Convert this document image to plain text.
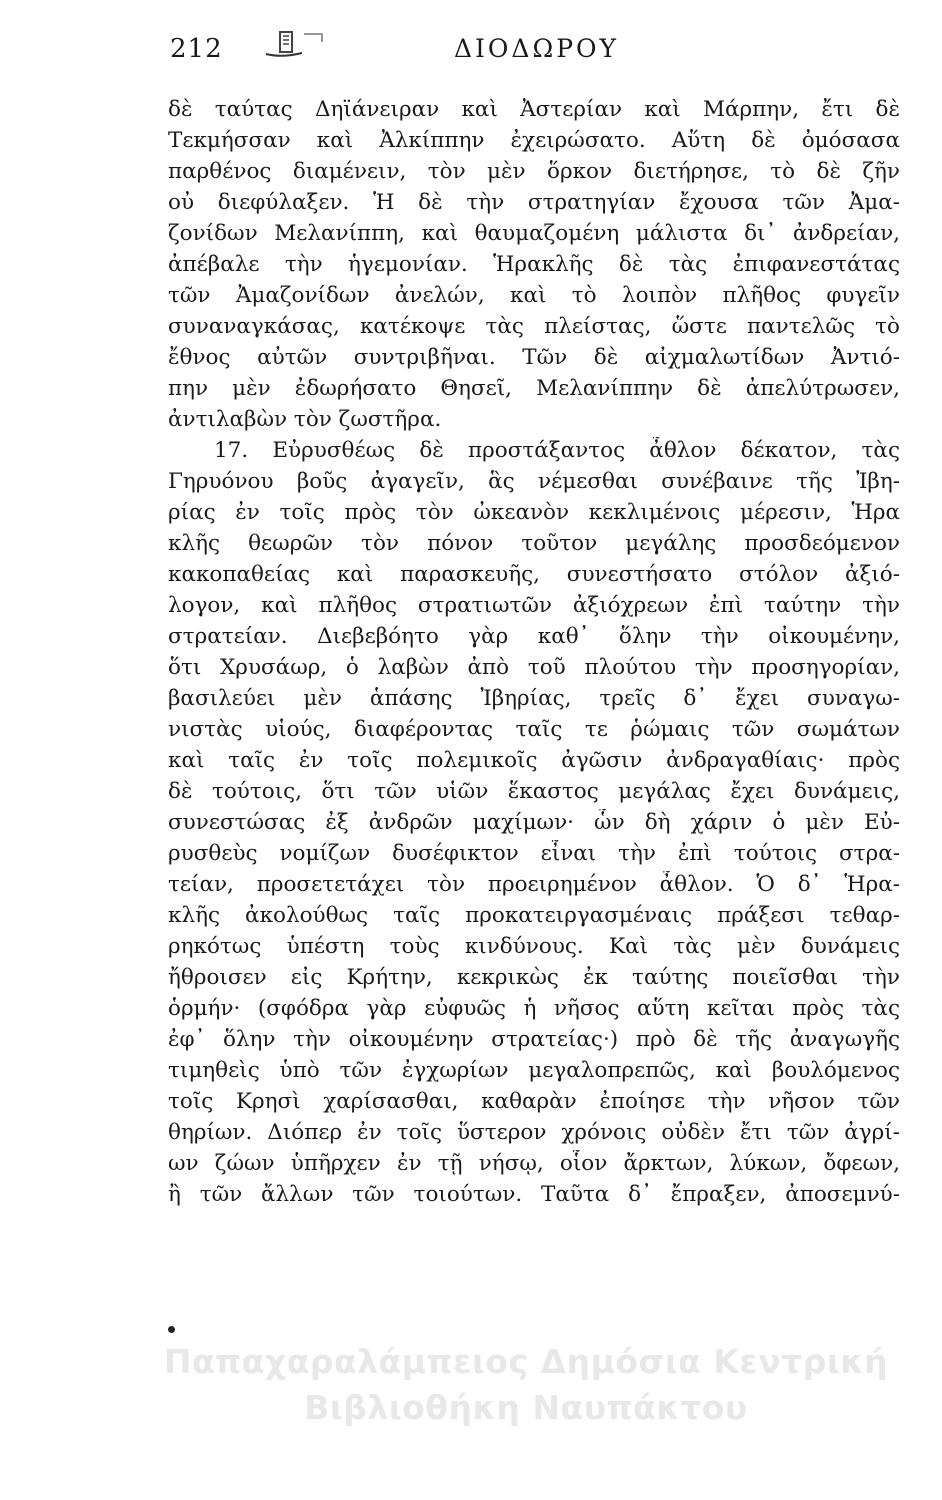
212	ΔΙΟΔΩΡΟΥ
δὲ ταύτας Δηϊάνειραν καὶ Ἀστερίαν καὶ Μάρπην, ἔτι δὲ
Τεκμήσσαν καὶ Ἀλκίππην ἐχειρώσατο. Αὕτη δὲ ὀμόσασα
παρθένος διαμένειν, τὸν μὲν ὅρκον διετήρησε, τὸ δὲ ζῆν
οὐ διεφύλαξεν. Ἡ δὲ τὴν στρατηγίαν ἔχουσα τῶν Ἀμα-
ζονίδων Μελανίππη, καὶ θαυμαζομένη μάλιστα δι᾽ ἀνδρείαν,
ἀπέβαλε τὴν ἡγεμονίαν. Ἡρακλῆς δὲ τὰς ἐπιφανεστάτας
τῶν Ἀμαζονίδων ἀνελών, καὶ τὸ λοιπὸν πλῆθος φυγεῖν
συναναγκάσας, κατέκοψε τὰς πλείστας, ὥστε παντελῶς τὸ
ἔθνος αὐτῶν συντριβῆναι. Τῶν δὲ αἰχμαλωτίδων Ἀντιό-
πην μὲν ἐδωρήσατο Θησεῖ, Μελανίππην δὲ ἀπελύτρωσεν,
ἀντιλαβὼν τὸν ζωστῆρα.
17. Εὐρυσθέως δὲ προστάξαντος ἆθλον δέκατον, τὰς
Γηρυόνου βοῦς ἀγαγεῖν, ἃς νέμεσθαι συνέβαινε τῆς Ἰβη-
ρίας ἐν τοῖς πρὸς τὸν ὠκεανὸν κεκλιμένοις μέρεσιν, Ἡρα
κλῆς θεωρῶν τὸν πόνον τοῦτον μεγάλης προσδεόμενον
κακοπαθείας καὶ παρασκευῆς, συνεστήσατο στόλον ἀξιό-
λογον, καὶ πλῆθος στρατιωτῶν ἀξιόχρεων ἐπὶ ταύτην τὴν
στρατείαν. Διεβεβόητο γὰρ καθ᾽ ὅλην τὴν οἰκουμένην,
ὅτι Χρυσάωρ, ὁ λαβὼν ἀπὸ τοῦ πλούτου τὴν προσηγορίαν,
βασιλεύει μὲν ἁπάσης Ἰβηρίας, τρεῖς δ᾽ ἔχει συναγω-
νιστὰς υἱούς, διαφέροντας ταῖς τε ῥώμαις τῶν σωμάτων
καὶ ταῖς ἐν τοῖς πολεμικοῖς ἀγῶσιν ἀνδραγαθίαις· πρὸς
δὲ τούτοις, ὅτι τῶν υἱῶν ἕκαστος μεγάλας ἔχει δυνάμεις,
συνεστώσας ἐξ ἀνδρῶν μαχίμων· ὧν δὴ χάριν ὁ μὲν Εὐ-
ρυσθεὺς νομίζων δυσέφικτον εἶναι τὴν ἐπὶ τούτοις στρα-
τείαν, προσετετάχει τὸν προειρημένον ἆθλον. Ὁ δ᾽ Ἡρα-
κλῆς ἀκολούθως ταῖς προκατειργασμέναις πράξεσι τεθαρ-
ρηκότως ὑπέστη τοὺς κινδύνους. Καὶ τὰς μὲν δυνάμεις
ἤθροισεν εἰς Κρήτην, κεκρικὼς ἐκ ταύτης ποιεῖσθαι τὴν
ὁρμήν· (σφόδρα γὰρ εὐφυῶς ἡ νῆσος αὕτη κεῖται πρὸς τὰς
ἐφ᾽ ὅλην τὴν οἰκουμένην στρατείας·) πρὸ δὲ τῆς ἀναγωγῆς
τιμηθεὶς ὑπὸ τῶν ἐγχωρίων μεγαλοπρεπῶς, καὶ βουλόμενος
τοῖς Κρησὶ χαρίσασθαι, καθαρὰν ἐποίησε τὴν νῆσον τῶν
θηρίων. Διόπερ ἐν τοῖς ὕστερον χρόνοις οὐδὲν ἔτι τῶν ἀγρί-
ων ζώων ὑπῆρχεν ἐν τῇ νήσῳ, οἷον ἄρκτων, λύκων, ὄφεων,
ἢ τῶν ἄλλων τῶν τοιούτων. Ταῦτα δ᾽ ἔπραξεν, ἀποσεμνύ-
Παπαχαραλάμπειος Δημόσια Κεντρική
Βιβλιοθήκη Ναυπάκτου
